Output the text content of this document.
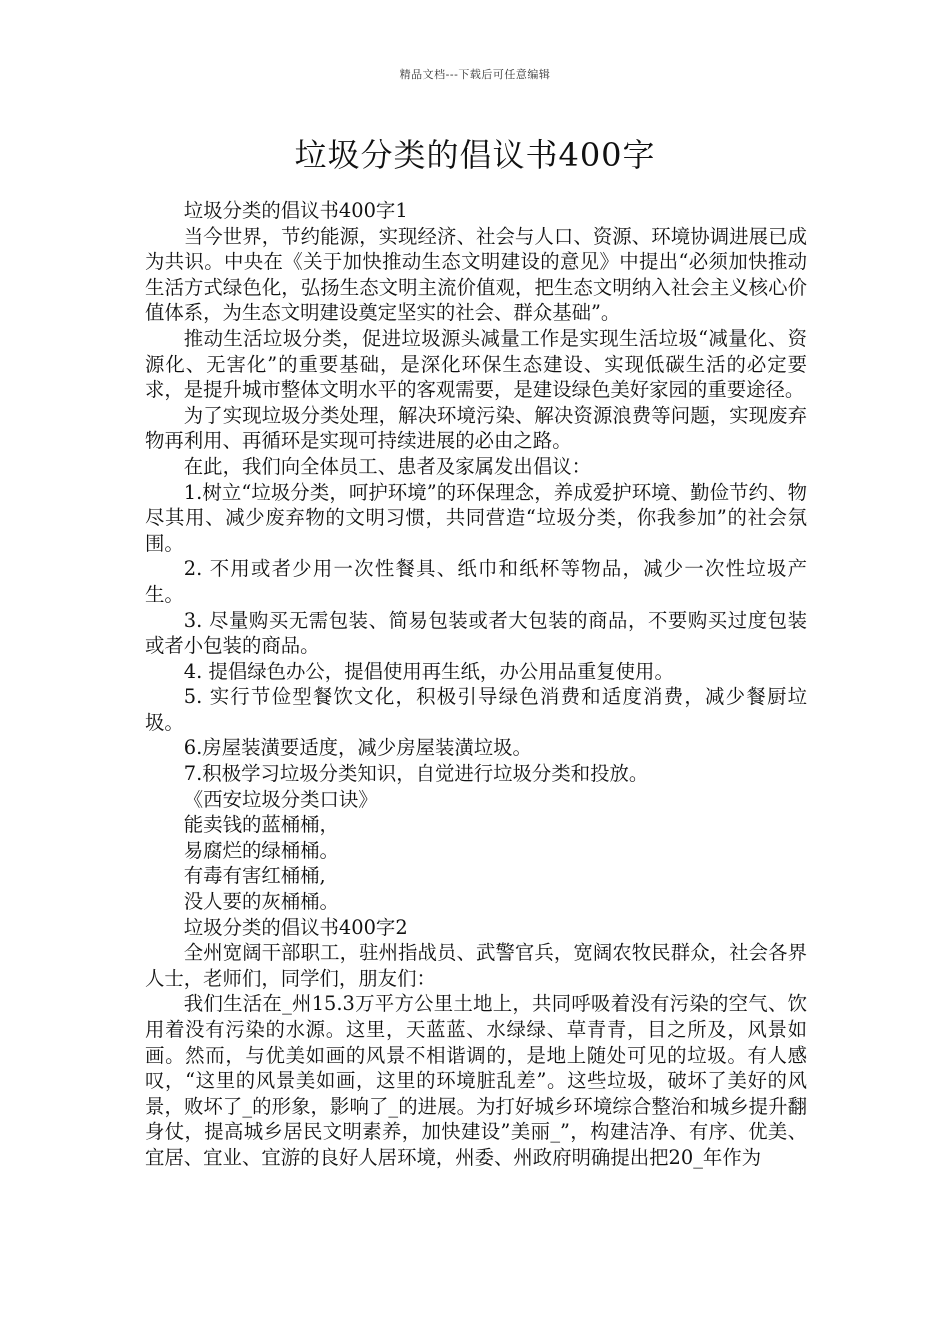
精品文档---下载后可任意编辑
垃圾分类的倡议书400字

垃圾分类的倡议书400字1

当今世界，节约能源，实现经济、社会与人口、资源、环境协调进展已成为共识。中央在《关于加快推动生态文明建设的意见》中提出“必须加快推动生活方式绿色化，弘扬生态文明主流价值观，把生态文明纳入社会主义核心价值体系，为生态文明建设奠定坚实的社会、群众基础”。

推动生活垃圾分类，促进垃圾源头减量工作是实现生活垃圾“减量化、资源化、无害化”的重要基础，是深化环保生态建设、实现低碳生活的必定要求，是提升城市整体文明水平的客观需要，是建设绿色美好家园的重要途径。

为了实现垃圾分类处理，解决环境污染、解决资源浪费等问题，实现废弃物再利用、再循环是实现可持续进展的必由之路。

在此，我们向全体员工、患者及家属发出倡议：

1.树立“垃圾分类，呵护环境”的环保理念，养成爱护环境、勤俭节约、物尽其用、减少废弃物的文明习惯，共同营造“垃圾分类，你我参加”的社会氛围。

2. 不用或者少用一次性餐具、纸巾和纸杯等物品，减少一次性垃圾产生。

3. 尽量购买无需包装、简易包装或者大包装的商品，不要购买过度包装或者小包装的商品。

4. 提倡绿色办公，提倡使用再生纸，办公用品重复使用。

5. 实行节俭型餐饮文化，积极引导绿色消费和适度消费，减少餐厨垃圾。

6.房屋装潢要适度，减少房屋装潢垃圾。

7.积极学习垃圾分类知识，自觉进行垃圾分类和投放。

《西安垃圾分类口诀》

能卖钱的蓝桶桶，

易腐烂的绿桶桶。

有毒有害红桶桶,

没人要的灰桶桶。

垃圾分类的倡议书400字2

全州宽阔干部职工，驻州指战员、武警官兵，宽阔农牧民群众，社会各界人士，老师们，同学们，朋友们：

我们生活在_州15.3万平方公里土地上，共同呼吸着没有污染的空气、饮用着没有污染的水源。这里，天蓝蓝、水绿绿、草青青，目之所及，风景如画。然而，与优美如画的风景不相谐调的，是地上随处可见的垃圾。有人感叹，“这里的风景美如画，这里的环境脏乱差”。这些垃圾，破坏了美好的风景，败坏了_的形象，影响了_的进展。为打好城乡环境综合整治和城乡提升翻身仗，提高城乡居民文明素养，加快建设”美丽_”，构建洁净、有序、优美、宜居、宜业、宜游的良好人居环境，州委、州政府明确提出把20_年作为
